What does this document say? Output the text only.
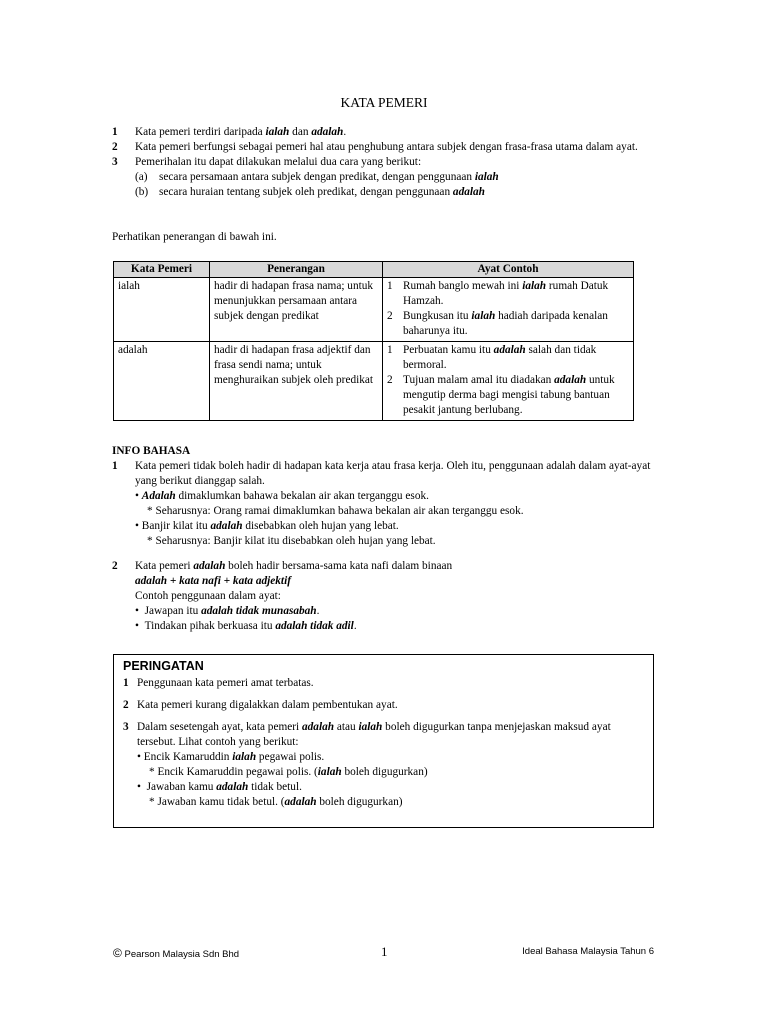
KATA PEMERI
1	Kata pemeri terdiri daripada ialah dan adalah.
2	Kata pemeri berfungsi sebagai pemeri hal atau penghubung antara subjek dengan frasa-frasa utama dalam ayat.
3	Pemerihalan itu dapat dilakukan melalui dua cara yang berikut:
(a)	secara persamaan antara subjek dengan predikat, dengan penggunaan ialah
(b) secara huraian tentang subjek oleh predikat, dengan penggunaan adalah
Perhatikan penerangan di bawah ini.
Kata Pemeri	Penerangan	Ayat Contoh
ialah	hadir di hadapan frasa nama; untuk menunjukkan persamaan antara subjek dengan predikat	1 Rumah banglo mewah ini ialah rumah Datuk Hamzah.
2 Bungkusan itu ialah hadiah daripada kenalan baharunya itu.

adalah	hadir di hadapan frasa adjektif dan frasa sendi nama; untuk menghuraikan subjek oleh predikat	1 Perbuatan kamu itu adalah salah dan tidak bermoral.
2 Tujuan malam amal itu diadakan adalah untuk mengutip derma bagi mengisi tabung bantuan pesakit jantung berlubang.
INFO BAHASA
1	Kata pemeri tidak boleh hadir di hadapan kata kerja atau frasa kerja. Oleh itu, penggunaan adalah dalam ayat-ayat yang berikut dianggap salah.
• Adalah dimaklumkan bahawa bekalan air akan terganggu esok.
* Seharusnya: Orang ramai dimaklumkan bahawa bekalan air akan terganggu esok.
• Banjir kilat itu adalah disebabkan oleh hujan yang lebat.
* Seharusnya: Banjir kilat itu disebabkan oleh hujan yang lebat.
2	Kata pemeri adalah boleh hadir bersama-sama kata nafi dalam binaan
adalah + kata nafi + kata adjektif
Contoh penggunaan dalam ayat:
•  Jawapan itu adalah tidak munasabah.
•  Tindakan pihak berkuasa itu adalah tidak adil.
PERINGATAN
1 Penggunaan kata pemeri amat terbatas.
2 Kata pemeri kurang digalakkan dalam pembentukan ayat.
3 Dalam sesetengah ayat, kata pemeri adalah atau ialah boleh digugurkan tanpa menjejaskan maksud ayat tersebut. Lihat contoh yang berikut:
• Encik Kamaruddin ialah pegawai polis.
* Encik Kamaruddin pegawai polis. (ialah boleh digugurkan)
•  Jawaban kamu adalah tidak betul.
* Jawaban kamu tidak betul. (adalah boleh digugurkan)
© Pearson Malaysia Sdn Bhd	1	Ideal Bahasa Malaysia Tahun 6
